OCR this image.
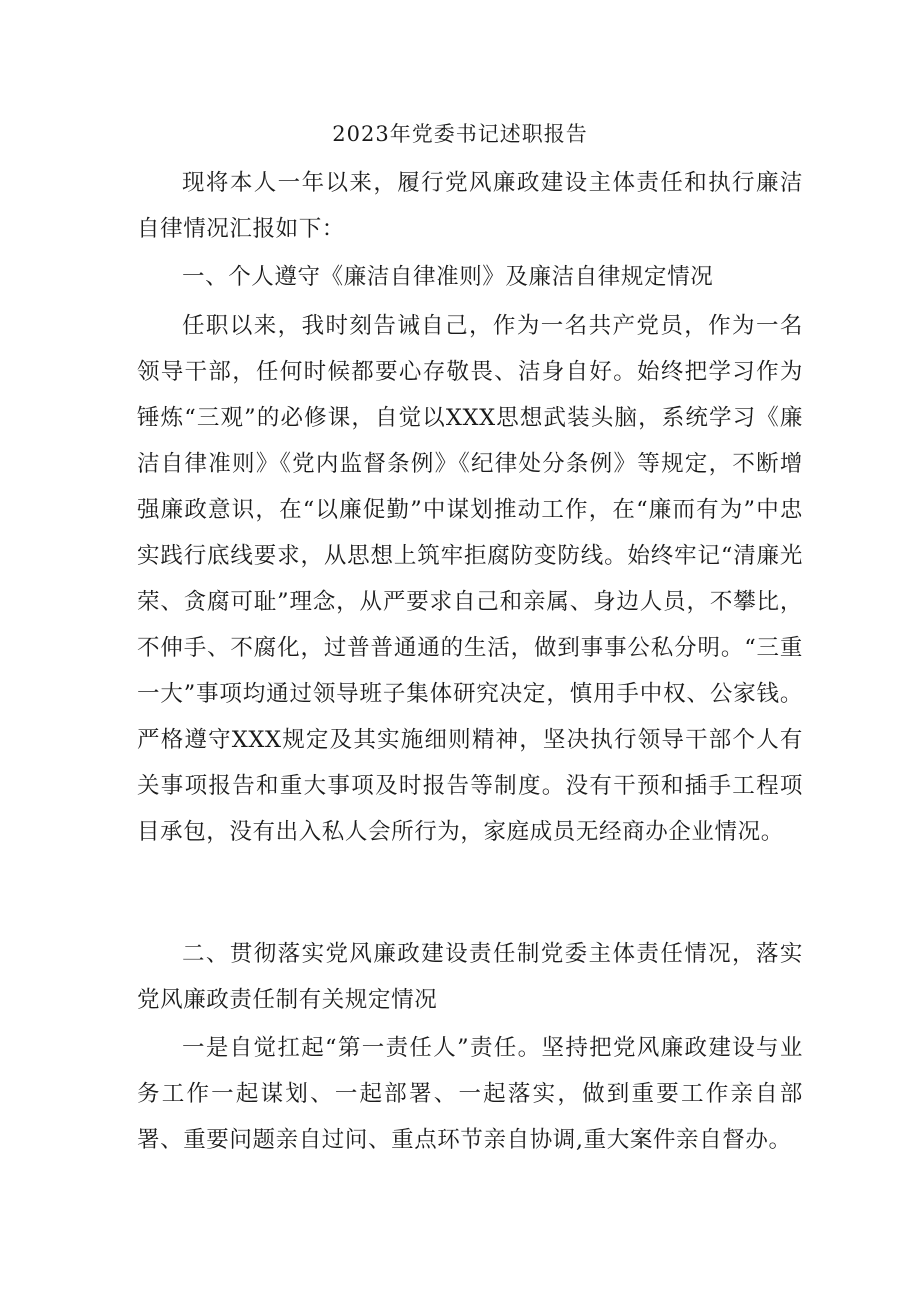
2023年党委书记述职报告

现将本人一年以来，履行党风廉政建设主体责任和执行廉洁自律情况汇报如下：

一、个人遵守《廉洁自律准则》及廉洁自律规定情况

任职以来，我时刻告诫自己，作为一名共产党员，作为一名领导干部，任何时候都要心存敬畏、洁身自好。始终把学习作为锤炼“三观”的必修课，自觉以XXX思想武装头脑，系统学习《廉洁自律准则》《党内监督条例》《纪律处分条例》等规定，不断增强廉政意识，在“以廉促勤”中谋划推动工作，在“廉而有为”中忠实践行底线要求，从思想上筑牢拒腐防变防线。始终牢记“清廉光荣、贪腐可耻”理念，从严要求自己和亲属、身边人员，不攀比，不伸手、不腐化，过普普通通的生活，做到事事公私分明。“三重一大”事项均通过领导班子集体研究决定，慎用手中权、公家钱。严格遵守XXX规定及其实施细则精神，坚决执行领导干部个人有关事项报告和重大事项及时报告等制度。没有干预和插手工程项目承包，没有出入私人会所行为，家庭成员无经商办企业情况。

二、贯彻落实党风廉政建设责任制党委主体责任情况，落实党风廉政责任制有关规定情况

一是自觉扛起“第一责任人”责任。坚持把党风廉政建设与业务工作一起谋划、一起部署、一起落实，做到重要工作亲自部署、重要问题亲自过问、重点环节亲自协调,重大案件亲自督办。
